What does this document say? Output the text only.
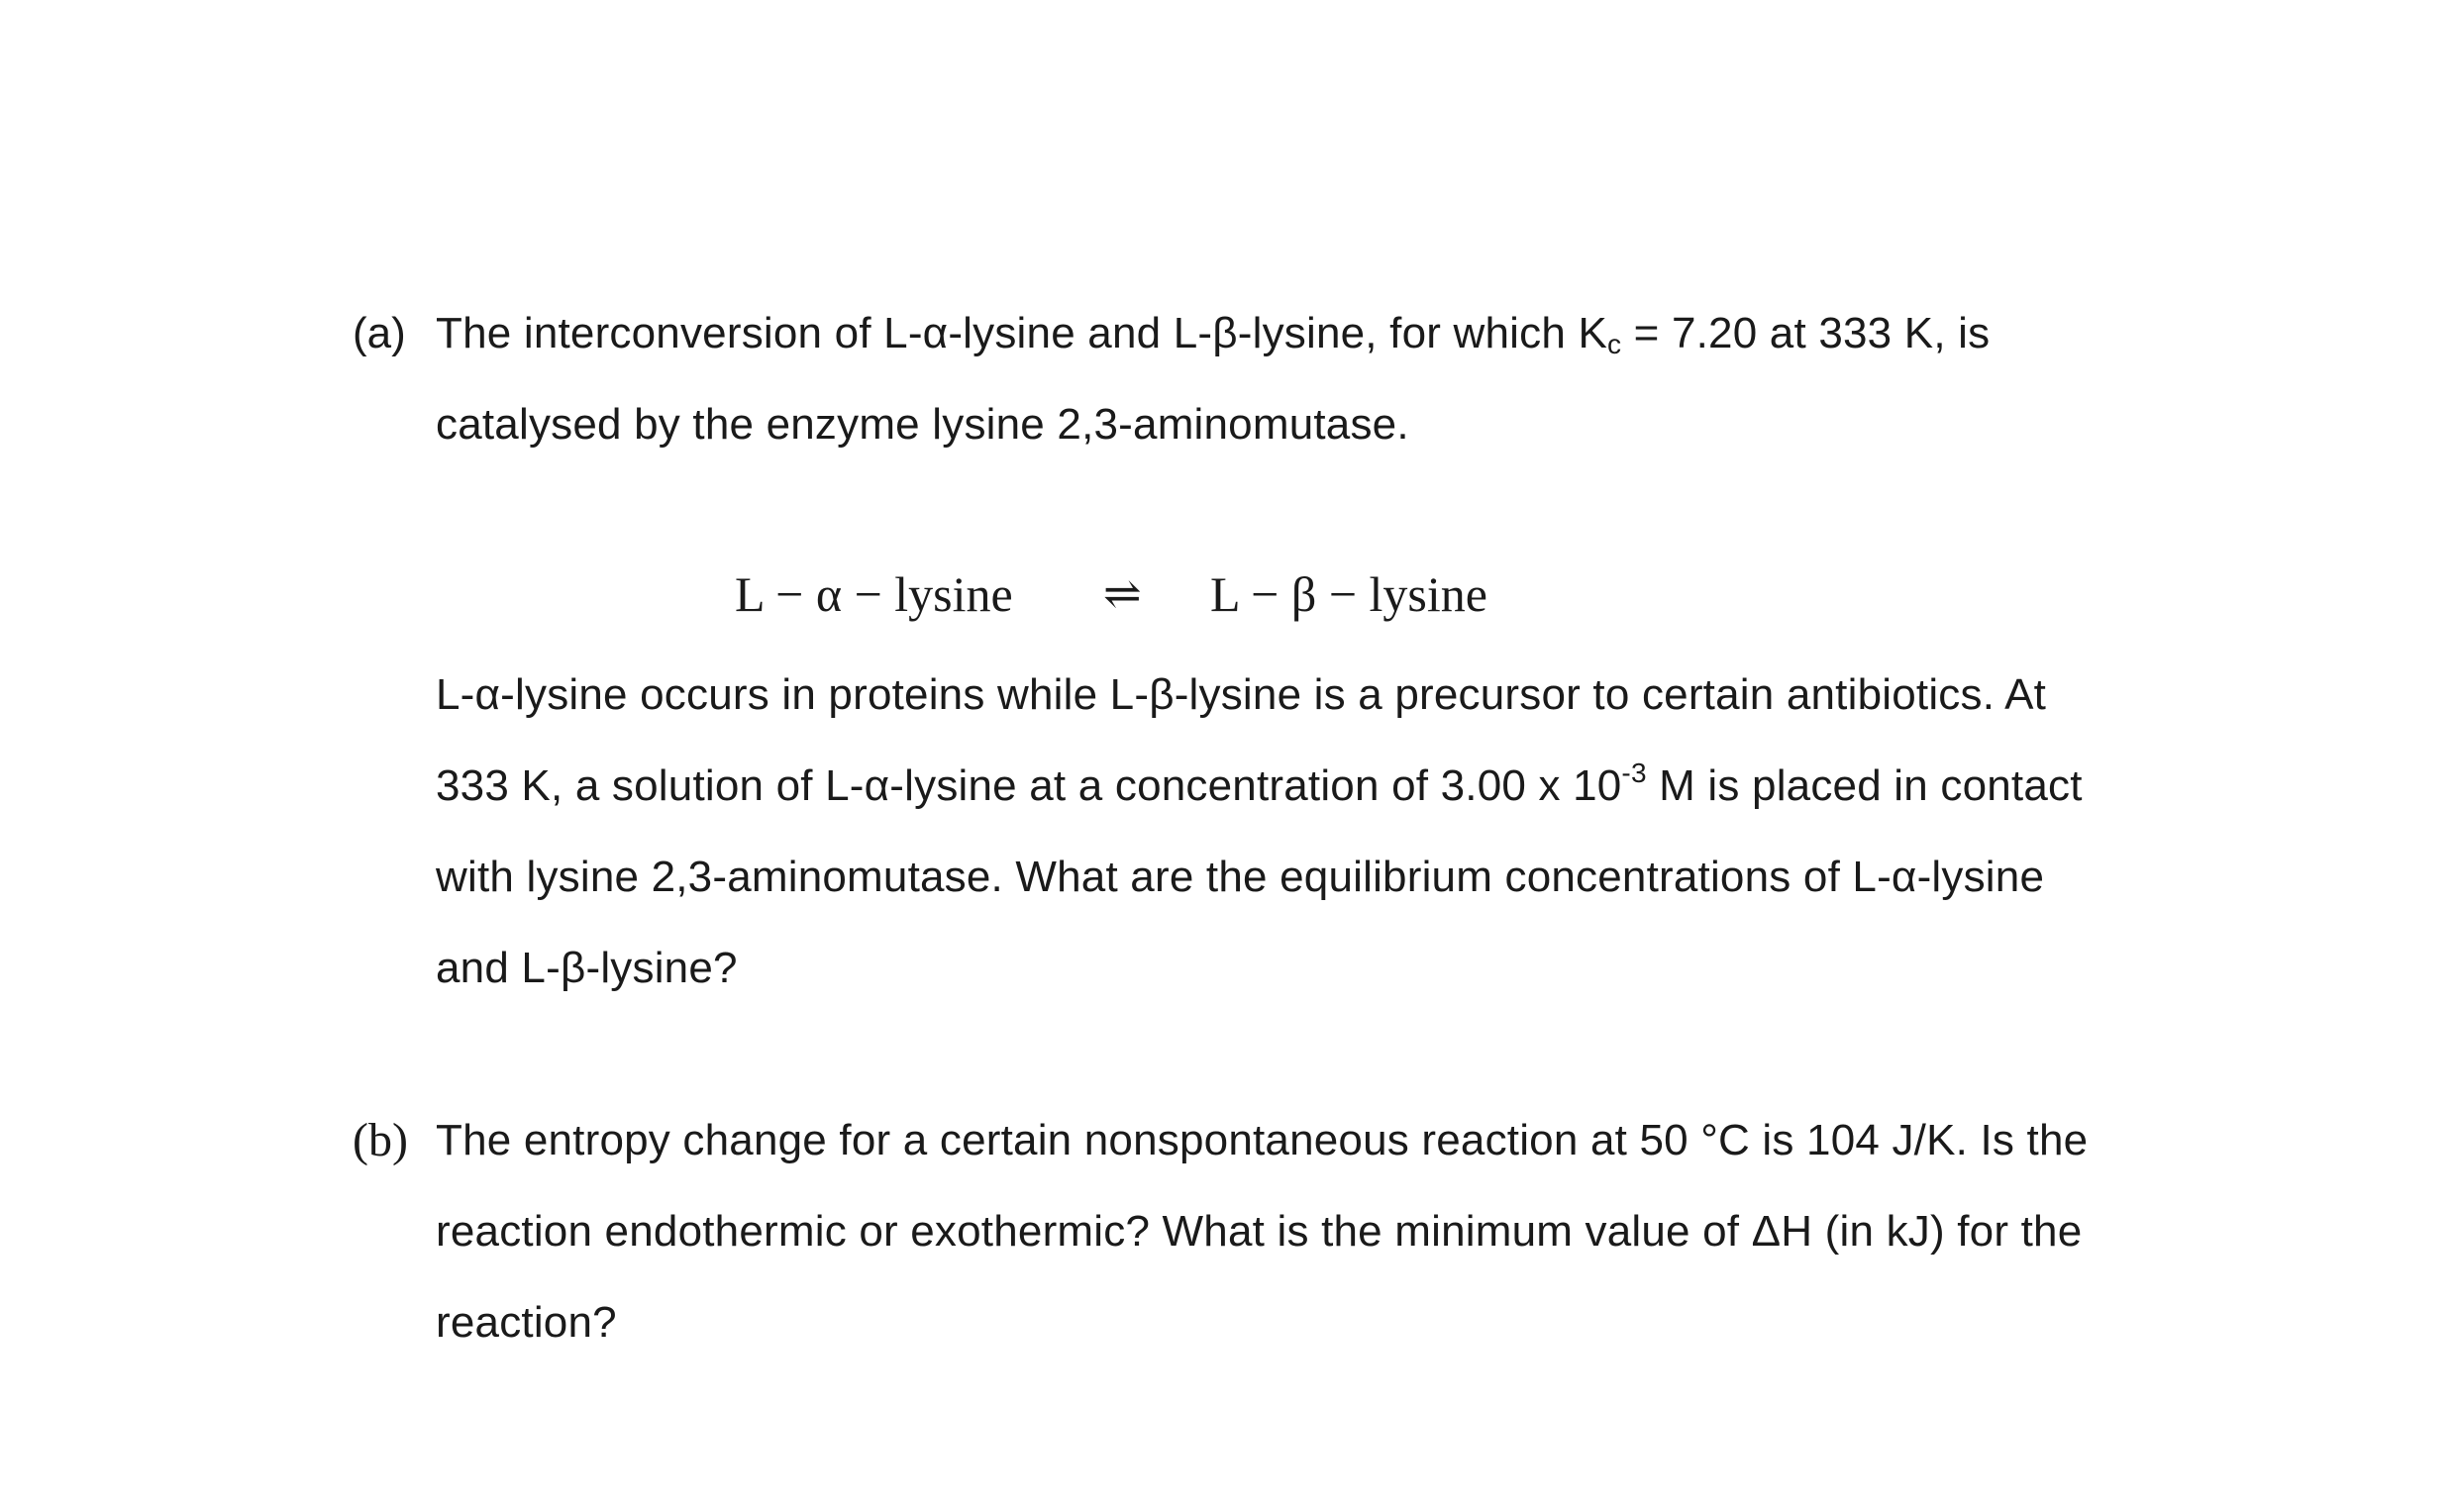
(a) The interconversion of L-α-lysine and L-β-lysine, for which $K_c = 7.20$ at 333 K, is

catalysed by the enzyme lysine 2,3-aminomutase.

L − α − lysine ⇌ L − β − lysine

L-α-lysine occurs in proteins while L-β-lysine is a precursor to certain antibiotics. At

333 K, a solution of L-α-lysine at a concentration of 3.00 x $10^{-3}$ M is placed in contact

with lysine 2,3-aminomutase. What are the equilibrium concentrations of L-α-lysine

and L-β-lysine?

(b) The entropy change for a certain nonspontaneous reaction at 50 °C is 104 J/K. Is the

reaction endothermic or exothermic? What is the minimum value of ΔH (in kJ) for the

reaction?
